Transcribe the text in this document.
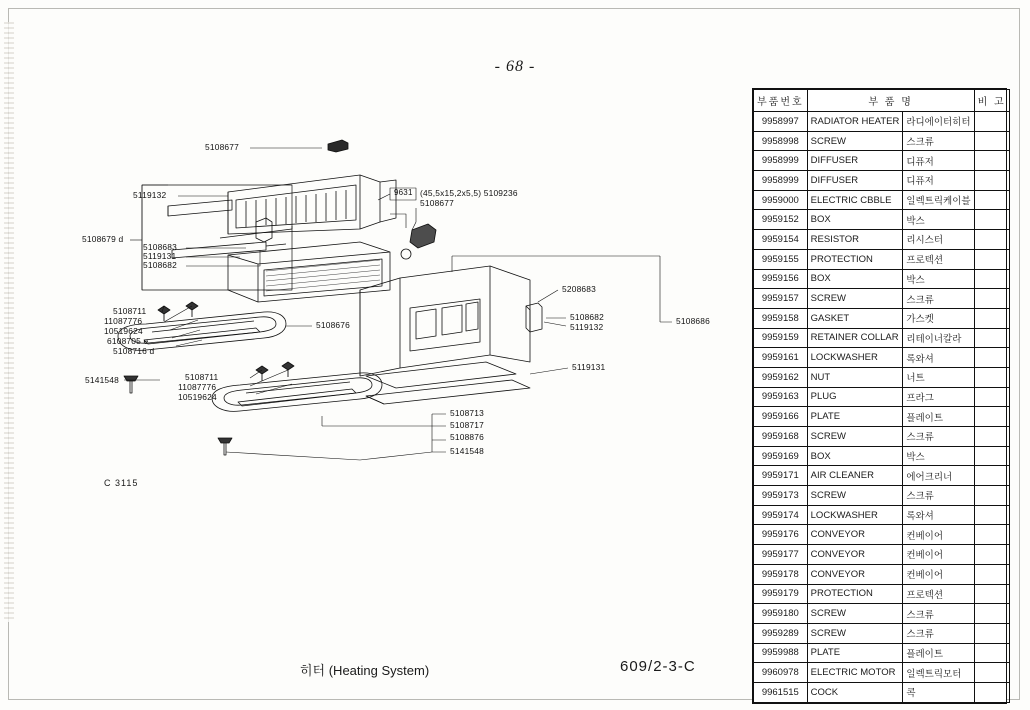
- 68 -
부품번호	부 품 명		비 고
9958997	RADIATOR HEATER	라디에이터히터	
9958998	SCREW	스크류	
9958999	DIFFUSER	디퓨저	
9958999	DIFFUSER	디퓨저	
9959000	ELECTRIC CBBLE	일렉트릭케이블	
9959152	BOX	박스	
9959154	RESISTOR	리시스터	
9959155	PROTECTION	프로텍션	
9959156	BOX	박스	
9959157	SCREW	스크류	
9959158	GASKET	가스켓	
9959159	RETAINER COLLAR	리테이너칼라	
9959161	LOCKWASHER	록와셔	
9959162	NUT	너트	
9959163	PLUG	프라그	
9959166	PLATE	플레이트	
9959168	SCREW	스크류	
9959169	BOX	박스	
9959171	AIR CLEANER	에어크리너	
9959173	SCREW	스크류	
9959174	LOCKWASHER	록와셔	
9959176	CONVEYOR	컨베이어	
9959177	CONVEYOR	컨베이어	
9959178	CONVEYOR	컨베이어	
9959179	PROTECTION	프로텍션	
9959180	SCREW	스크류	
9959289	SCREW	스크류	
9959988	PLATE	플레이트	
9960978	ELECTRIC MOTOR	일렉트릭모터	
9961515	COCK	콕	
5108677
5119132
5108679 d
5108683
5119131
5108682
9631 (45,5x15,2x5,5) 5109236
5108677
5108711
11087776
10519624
6108705 e
5108716 d
5141548
5108676
5108711
11087776
10519624
5208683
5108682
5119132
5119131
5108686
5108713
5108717
5108876
5141548
C 3115
히터 (Heating System)	609/2-3-C
